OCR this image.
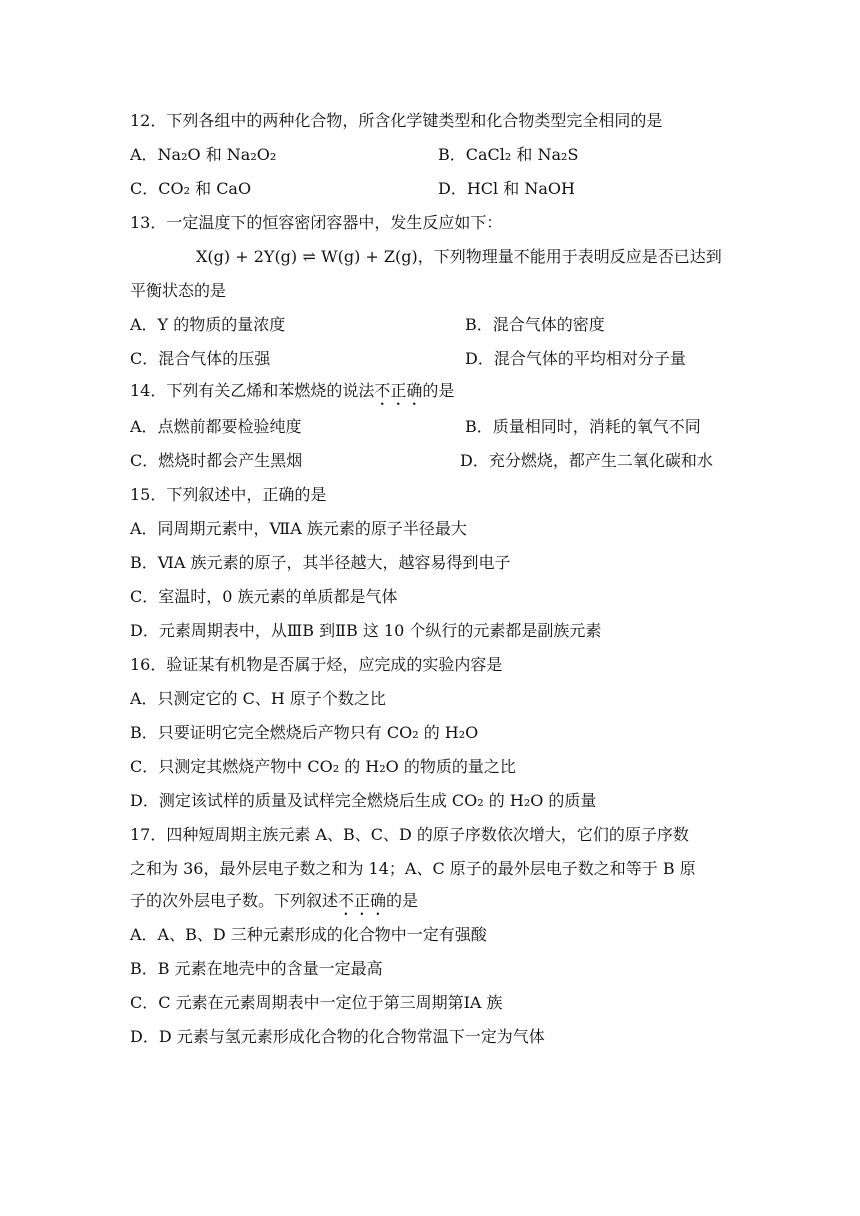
12．下列各组中的两种化合物，所含化学键类型和化合物类型完全相同的是
A．Na₂O 和 Na₂O₂	B．CaCl₂ 和 Na₂S
C．CO₂ 和 CaO	D．HCl 和 NaOH
13．一定温度下的恒容密闭容器中，发生反应如下：
X(g) + 2Y(g) ⇌ W(g) + Z(g)，下列物理量不能用于表明反应是否已达到
平衡状态的是
A．Y 的物质的量浓度	B．混合气体的密度
C．混合气体的压强	D．混合气体的平均相对分子量
14．下列有关乙烯和苯燃烧的说法不正确的是
A．点燃前都要检验纯度	B．质量相同时，消耗的氧气不同
C．燃烧时都会产生黑烟	D．充分燃烧，都产生二氧化碳和水
15．下列叙述中，正确的是
A．同周期元素中，ⅦA 族元素的原子半径最大
B．ⅥA 族元素的原子，其半径越大，越容易得到电子
C．室温时，0 族元素的单质都是气体
D．元素周期表中，从ⅢB 到ⅡB 这 10 个纵行的元素都是副族元素
16．验证某有机物是否属于烃，应完成的实验内容是
A．只测定它的 C、H 原子个数之比
B．只要证明它完全燃烧后产物只有 CO₂ 的 H₂O
C．只测定其燃烧产物中 CO₂ 的 H₂O 的物质的量之比
D．测定该试样的质量及试样完全燃烧后生成 CO₂ 的 H₂O 的质量
17．四种短周期主族元素 A、B、C、D 的原子序数依次增大，它们的原子序数
之和为 36，最外层电子数之和为 14；A、C 原子的最外层电子数之和等于 B 原
子的次外层电子数。下列叙述不正确的是
A．A、B、D 三种元素形成的化合物中一定有强酸
B．B 元素在地壳中的含量一定最高
C．C 元素在元素周期表中一定位于第三周期第ⅠA 族
D．D 元素与氢元素形成化合物的化合物常温下一定为气体
